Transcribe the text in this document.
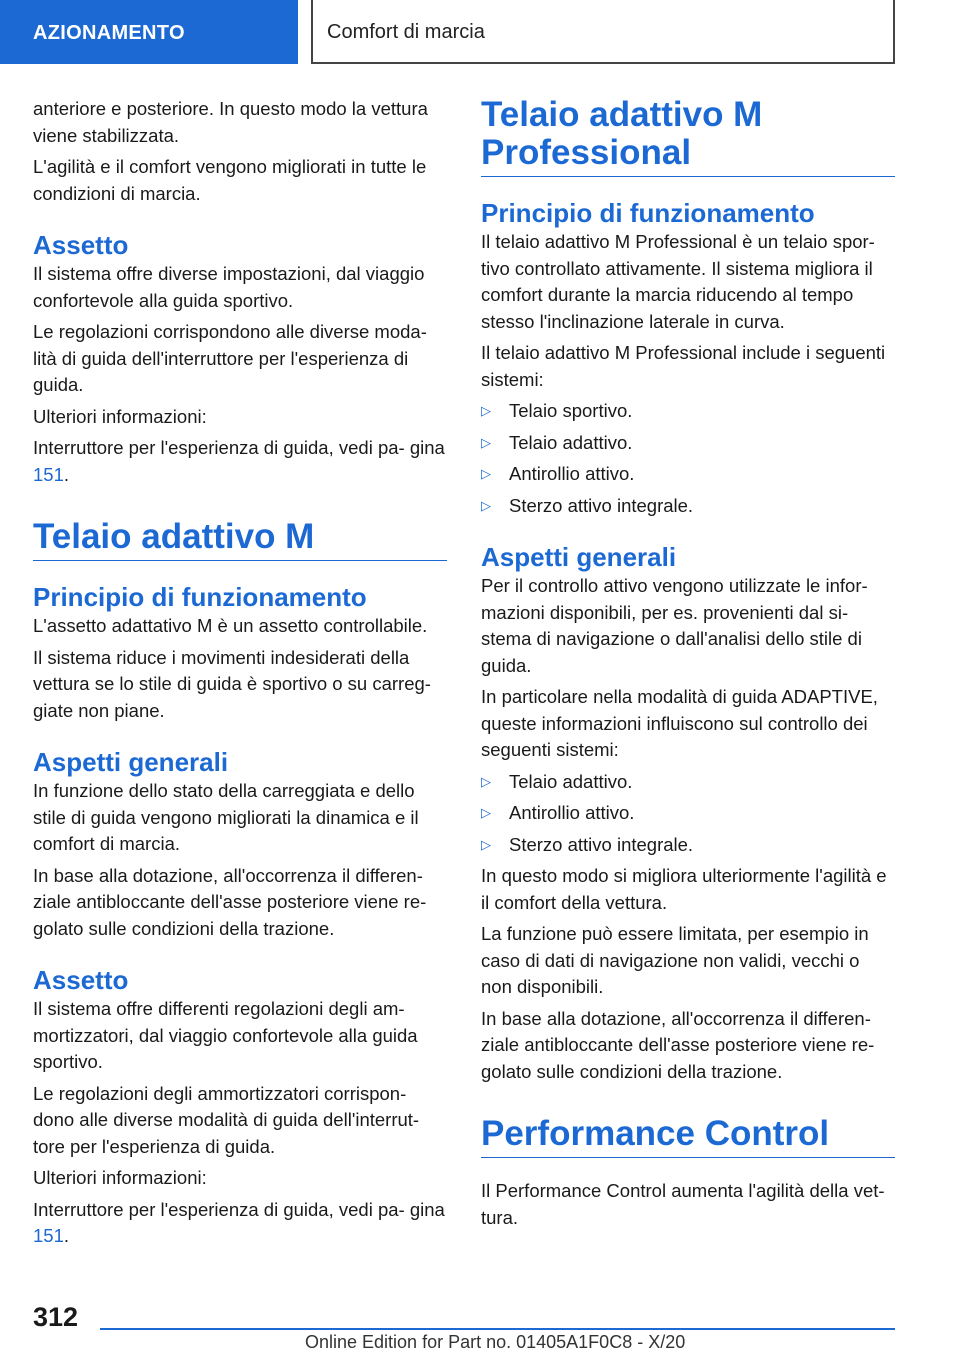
AZIONAMENTO	Comfort di marcia

anteriore e posteriore. In questo modo la vettura viene stabilizzata.

L'agilità e il comfort vengono migliorati in tutte le condizioni di marcia.

Assetto

Il sistema offre diverse impostazioni, dal viaggio confortevole alla guida sportivo.

Le regolazioni corrispondono alle diverse moda‐ lità di guida dell'interruttore per l'esperienza di guida.

Ulteriori informazioni:

Interruttore per l'esperienza di guida, vedi pa‐ gina 151.

Telaio adattivo M
Principio di funzionamento

L'assetto adattativo M è un assetto controllabile.

Il sistema riduce i movimenti indesiderati della vettura se lo stile di guida è sportivo o su carreg‐ giate non piane.

Aspetti generali

In funzione dello stato della carreggiata e dello stile di guida vengono migliorati la dinamica e il comfort di marcia.

In base alla dotazione, all'occorrenza il differen‐ ziale antibloccante dell'asse posteriore viene re‐ golato sulle condizioni della trazione.

Assetto

Il sistema offre differenti regolazioni degli am‐ mortizzatori, dal viaggio confortevole alla guida sportivo.

Le regolazioni degli ammortizzatori corrispon‐ dono alle diverse modalità di guida dell'interrut‐ tore per l'esperienza di guida.

Ulteriori informazioni:

Interruttore per l'esperienza di guida, vedi pa‐ gina 151.

Telaio adattivo M Professional
Principio di funzionamento

Il telaio adattivo M Professional è un telaio spor‐ tivo controllato attivamente. Il sistema migliora il comfort durante la marcia riducendo al tempo stesso l'inclinazione laterale in curva.

Il telaio adattivo M Professional include i seguenti sistemi:

▷ Telaio sportivo.
▷ Telaio adattivo.
▷ Antirollio attivo.
▷ Sterzo attivo integrale.
Aspetti generali

Per il controllo attivo vengono utilizzate le infor‐ mazioni disponibili, per es. provenienti dal si‐ stema di navigazione o dall'analisi dello stile di guida.

In particolare nella modalità di guida ADAPTIVE, queste informazioni influiscono sul controllo dei seguenti sistemi:

▷ Telaio adattivo.
▷ Antirollio attivo.
▷ Sterzo attivo integrale.

In questo modo si migliora ulteriormente l'agilità e il comfort della vettura.

La funzione può essere limitata, per esempio in caso di dati di navigazione non validi, vecchi o non disponibili.

In base alla dotazione, all'occorrenza il differen‐ ziale antibloccante dell'asse posteriore viene re‐ golato sulle condizioni della trazione.

Performance Control

Il Performance Control aumenta l'agilità della vet‐ tura.

312
Online Edition for Part no. 01405A1F0C8 - X/20
